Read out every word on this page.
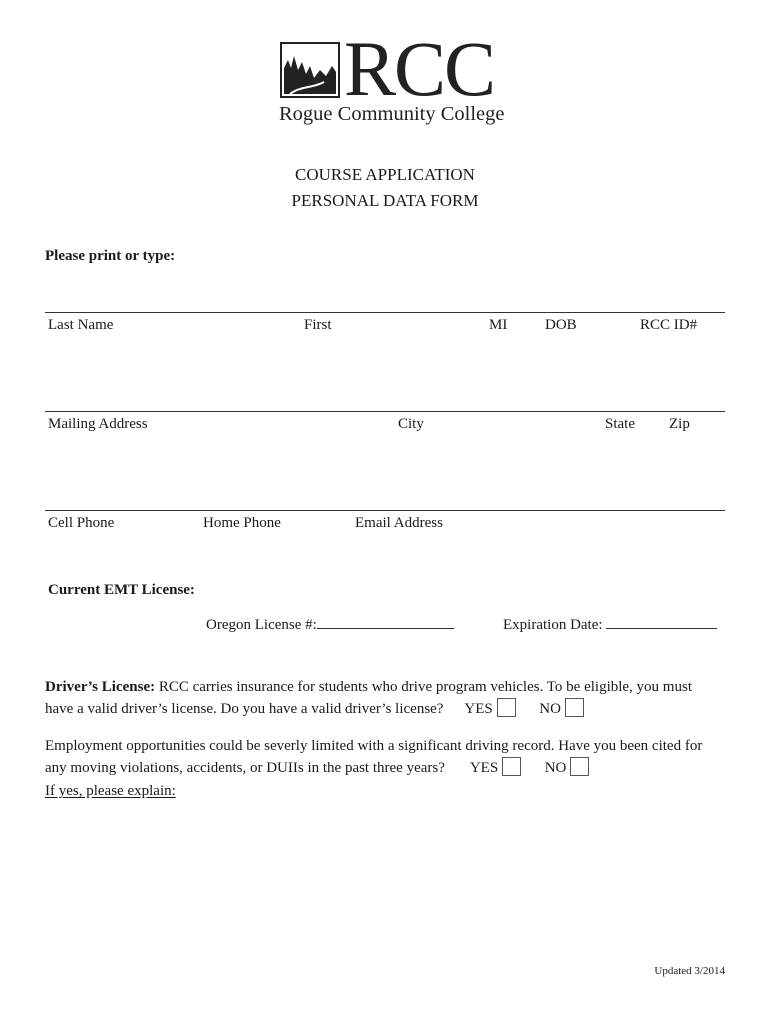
RCC
Rogue Community College
COURSE APPLICATION
PERSONAL DATA FORM
Please print or type:
Last Name	First	MI	DOB	RCC ID#
Mailing Address	City	State Zip
Cell Phone	Home Phone	Email Address
Current EMT License:
Oregon License #:	Expiration Date:
Driver’s License: RCC carries insurance for students who drive program vehicles. To be eligible, you must
have a valid driver’s license. Do you have a valid driver’s license? YES	NO
Employment opportunities could be severly limited with a significant driving record. Have you been cited for
any moving violations, accidents, or DUIIs in the past three years? YES	NO
If yes, please explain:
Updated 3/2014
